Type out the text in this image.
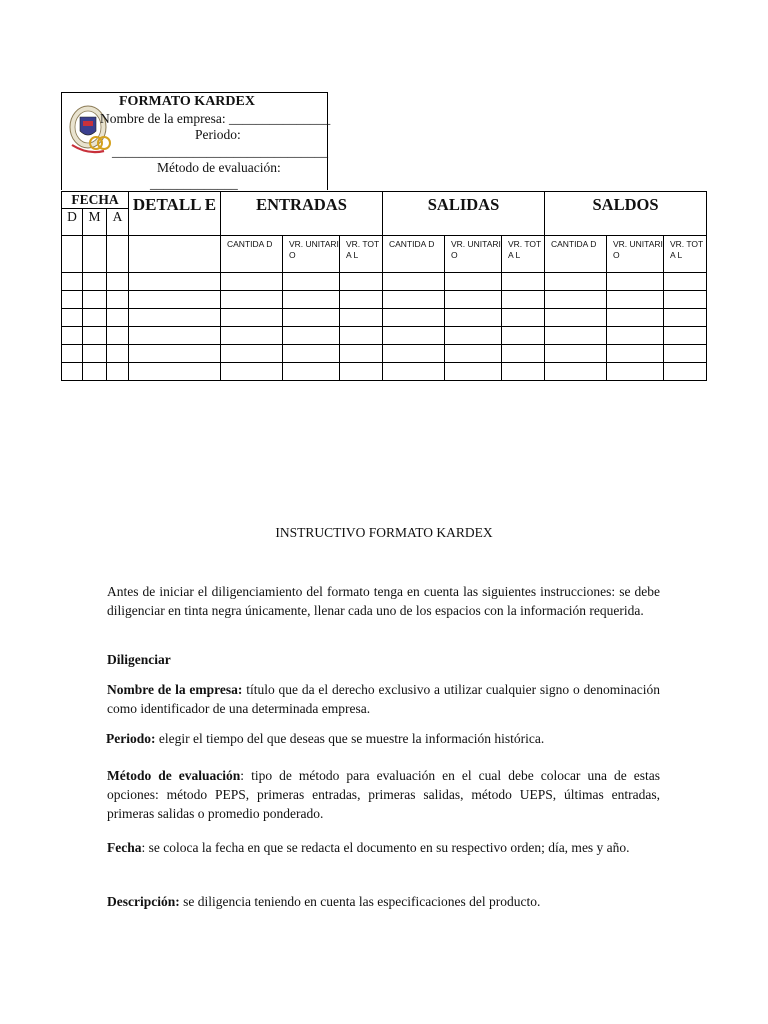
FORMATO KARDEX
Nombre de la empresa: _______________
Periodo:
________________________________
Método de evaluación:
_____________
FECHA			DETALL E	ENTRADAS			SALIDAS			SALDOS		
D	M	A										
				CANTIDA D	VR. UNITARI O	VR. TOTA L	CANTIDA D	VR. UNITARI O	VR. TOTA L	CANTIDA D	VR. UNITARI O	VR. TOTA L

INSTRUCTIVO FORMATO KARDEX
Antes de iniciar el diligenciamiento del formato tenga en cuenta las siguientes instrucciones: se debe diligenciar en tinta negra únicamente, llenar cada uno de los espacios con la información requerida.
Diligenciar
Nombre de la empresa: título que da el derecho exclusivo a utilizar cualquier signo o denominación como identificador de una determinada empresa.
Periodo: elegir el tiempo del que deseas que se muestre la información histórica.
Método de evaluación: tipo de método para evaluación en el cual debe colocar una de estas opciones: método PEPS, primeras entradas, primeras salidas, método UEPS, últimas entradas, primeras salidas o promedio ponderado.
Fecha: se coloca la fecha en que se redacta el documento en su respectivo orden; día, mes y año.
Descripción: se diligencia teniendo en cuenta las especificaciones del producto.
